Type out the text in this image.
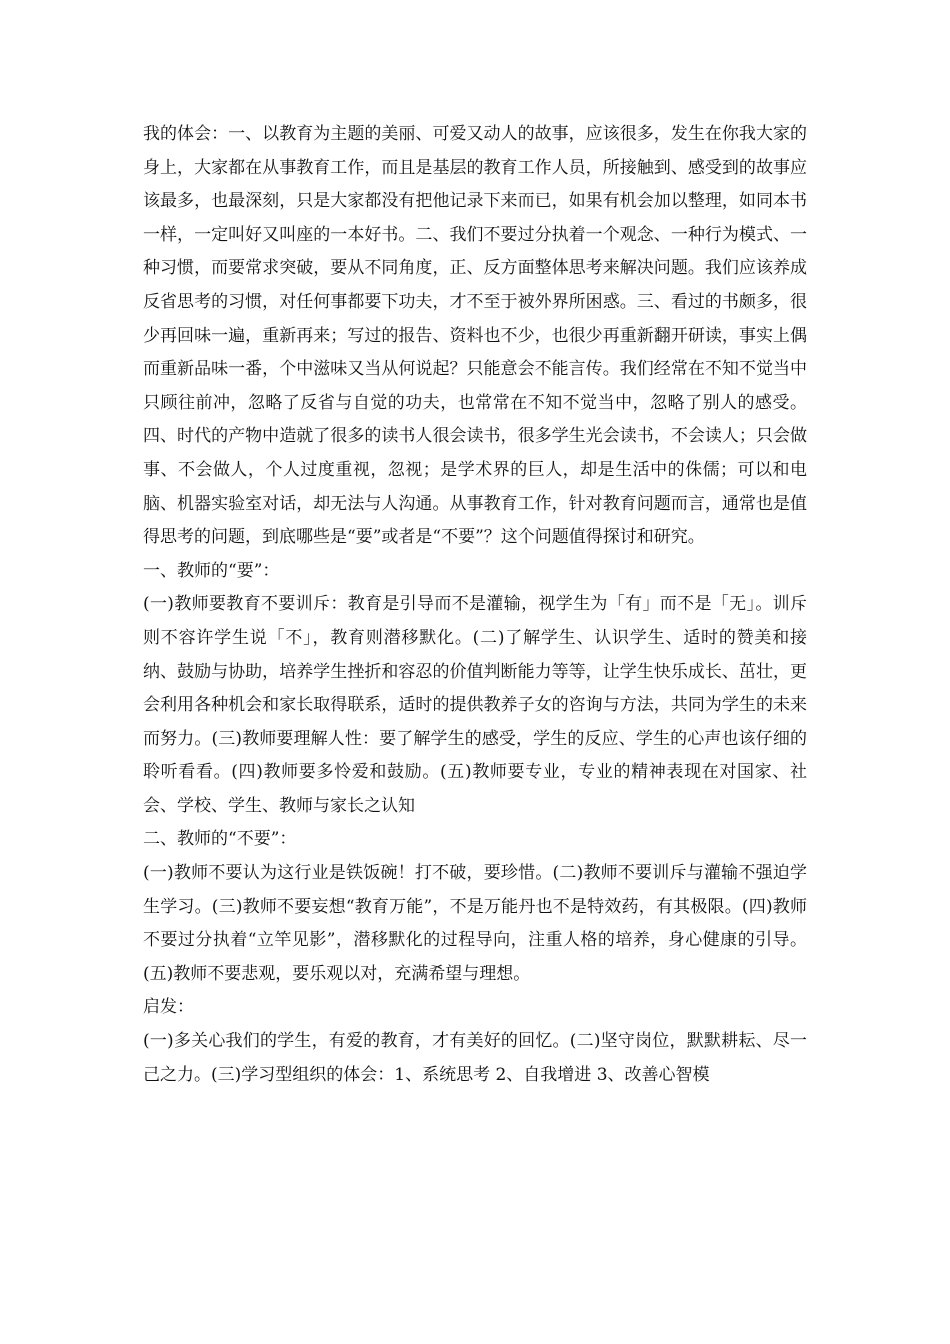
我的体会：一、以教育为主题的美丽、可爱又动人的故事，应该很多，发生在你我大家的身上，大家都在从事教育工作，而且是基层的教育工作人员，所接触到、感受到的故事应该最多，也最深刻，只是大家都没有把他记录下来而已，如果有机会加以整理，如同本书一样，一定叫好又叫座的一本好书。二、我们不要过分执着一个观念、一种行为模式、一种习惯，而要常求突破，要从不同角度，正、反方面整体思考来解决问题。我们应该养成反省思考的习惯，对任何事都要下功夫，才不至于被外界所困惑。三、看过的书颇多，很少再回味一遍，重新再来；写过的报告、资料也不少，也很少再重新翻开研读，事实上偶而重新品味一番，个中滋味又当从何说起？只能意会不能言传。我们经常在不知不觉当中只顾往前冲，忽略了反省与自觉的功夫，也常常在不知不觉当中，忽略了别人的感受。四、时代的产物中造就了很多的读书人很会读书，很多学生光会读书，不会读人；只会做事、不会做人，个人过度重视，忽视；是学术界的巨人，却是生活中的侏儒；可以和电脑、机器实验室对话，却无法与人沟通。从事教育工作，针对教育问题而言，通常也是值得思考的问题，到底哪些是“要”或者是“不要”？这个问题值得探讨和研究。

一、教师的“要”：

(一)教师要教育不要训斥：教育是引导而不是灌输，视学生为「有」而不是「无」。训斥则不容许学生说「不」，教育则潜移默化。(二)了解学生、认识学生、适时的赞美和接纳、鼓励与协助，培养学生挫折和容忍的价值判断能力等等，让学生快乐成长、茁壮，更会利用各种机会和家长取得联系，适时的提供教养子女的咨询与方法，共同为学生的未来而努力。(三)教师要理解人性：要了解学生的感受，学生的反应、学生的心声也该仔细的聆听看看。(四)教师要多怜爱和鼓励。(五)教师要专业，专业的精神表现在对国家、社会、学校、学生、教师与家长之认知

二、教师的“不要”：

(一)教师不要认为这行业是铁饭碗！打不破，要珍惜。(二)教师不要训斥与灌输不强迫学生学习。(三)教师不要妄想“教育万能”，不是万能丹也不是特效药，有其极限。(四)教师不要过分执着“立竿见影”，潜移默化的过程导向，注重人格的培养，身心健康的引导。(五)教师不要悲观，要乐观以对，充满希望与理想。

启发：

(一)多关心我们的学生，有爱的教育，才有美好的回忆。(二)坚守岗位，默默耕耘、尽一己之力。(三)学习型组织的体会：1、系统思考 2、自我增进 3、改善心智模
